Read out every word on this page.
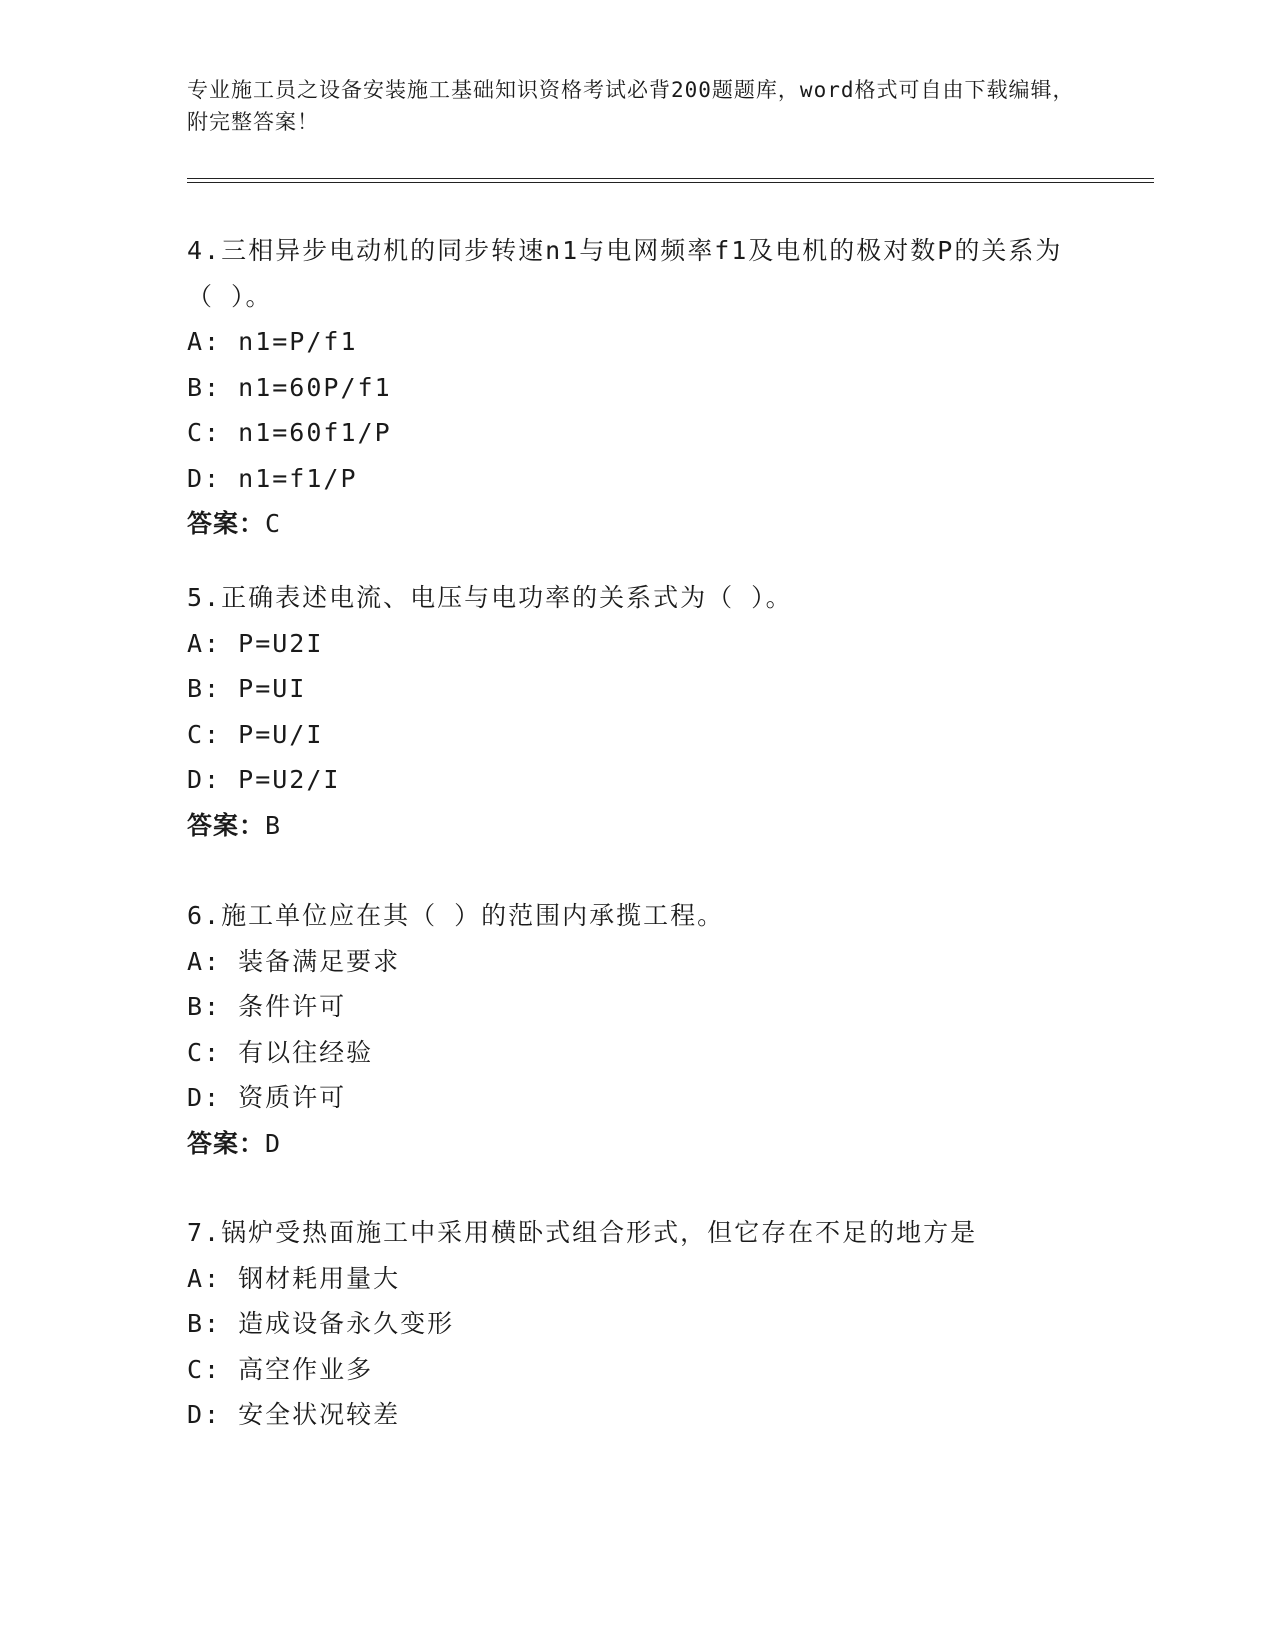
专业施工员之设备安装施工基础知识资格考试必背200题题库，word格式可自由下载编辑，附完整答案！

4.三相异步电动机的同步转速n1与电网频率f1及电机的极对数P的关系为（ ）。

A: n1=P/f1

B: n1=60P/f1

C: n1=60f1/P

D: n1=f1/P

答案：C

5.正确表述电流、电压与电功率的关系式为（ ）。

A: P=U2I

B: P=UI

C: P=U/I

D: P=U2/I

答案：B

6.施工单位应在其（ ）的范围内承揽工程。

A: 装备满足要求

B: 条件许可

C: 有以往经验

D: 资质许可

答案：D

7.锅炉受热面施工中采用横卧式组合形式，但它存在不足的地方是

A: 钢材耗用量大

B: 造成设备永久变形

C: 高空作业多

D: 安全状况较差
